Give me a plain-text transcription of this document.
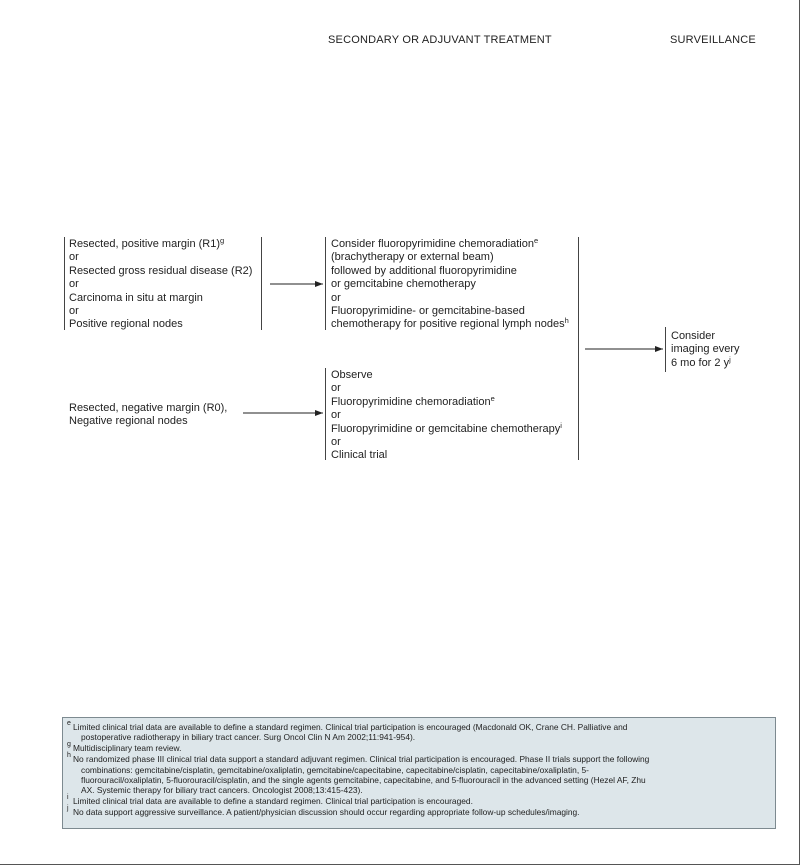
SECONDARY OR ADJUVANT TREATMENT	SURVEILLANCE
Resected, positive margin $(R1)^g$
or
Resected gross residual disease (R2)
or
Carcinoma in situ at margin
or
Positive regional nodes
Consider fluoropyrimidine chemoradiation$^e$
(brachytherapy or external beam)
followed by additional fluoropyrimidine
or gemcitabine chemotherapy
or
Fluoropyrimidine- or gemcitabine-based
chemotherapy for positive regional lymph nodes$^h$
Resected, negative margin (R0),
Negative regional nodes
Observe
or
Fluoropyrimidine chemoradiation$^e$
or
Fluoropyrimidine or gemcitabine chemotherapy$^i$
or
Clinical trial
Consider
imaging every
6 mo for 2 $y^j$
e Limited clinical trial data are available to define a standard regimen. Clinical trial participation is encouraged (Macdonald OK, Crane CH. Palliative and
postoperative radiotherapy in biliary tract cancer. Surg Oncol Clin N Am 2002;11:941-954).
g Multidisciplinary team review.
h No randomized phase III clinical trial data support a standard adjuvant regimen. Clinical trial participation is encouraged. Phase II trials support the following
combinations: gemcitabine/cisplatin, gemcitabine/oxaliplatin, gemcitabine/capecitabine, capecitabine/cisplatin, capecitabine/oxaliplatin, 5-
fluorouracil/oxaliplatin, 5-fluorouracil/cisplatin, and the single agents gemcitabine, capecitabine, and 5-fluorouracil in the advanced setting (Hezel AF, Zhu
AX. Systemic therapy for biliary tract cancers. Oncologist 2008;13:415-423).
i Limited clinical trial data are available to define a standard regimen. Clinical trial participation is encouraged.
j No data support aggressive surveillance. A patient/physician discussion should occur regarding appropriate follow-up schedules/imaging.
